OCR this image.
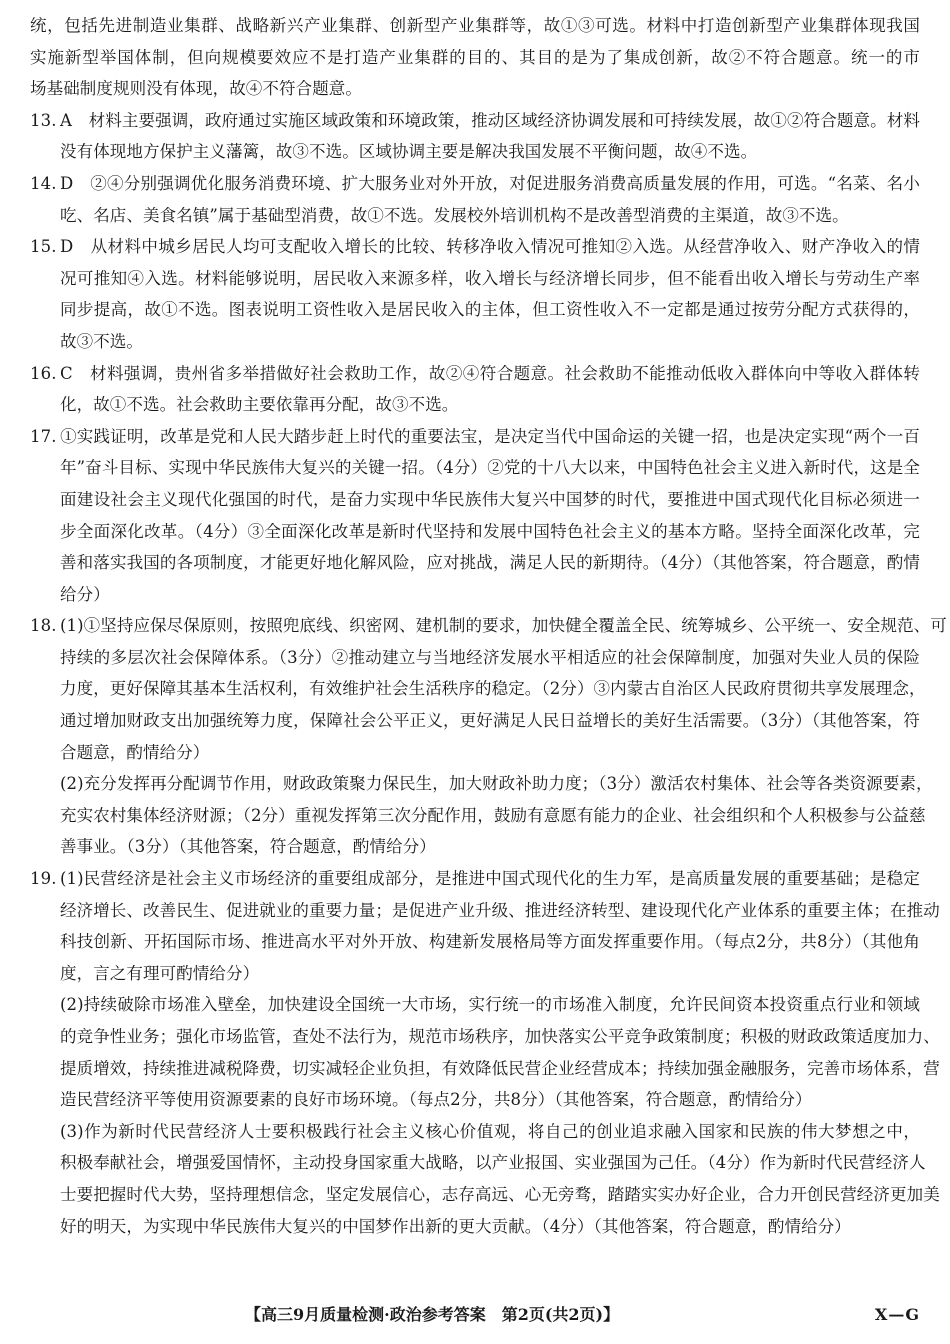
统，包括先进制造业集群、战略新兴产业集群、创新型产业集群等，故①③可选。材料中打造创新型产业集群体现我国
实施新型举国体制，但向规模要效应不是打造产业集群的目的、其目的是为了集成创新，故②不符合题意。统一的市
场基础制度规则没有体现，故④不符合题意。
13. A　材料主要强调，政府通过实施区域政策和环境政策，推动区域经济协调发展和可持续发展，故①②符合题意。材料
没有体现地方保护主义藩篱，故③不选。区域协调主要是解决我国发展不平衡问题，故④不选。
14. D　②④分别强调优化服务消费环境、扩大服务业对外开放，对促进服务消费高质量发展的作用，可选。“名菜、名小
吃、名店、美食名镇”属于基础型消费，故①不选。发展校外培训机构不是改善型消费的主渠道，故③不选。
15. D　从材料中城乡居民人均可支配收入增长的比较、转移净收入情况可推知②入选。从经营净收入、财产净收入的情
况可推知④入选。材料能够说明，居民收入来源多样，收入增长与经济增长同步，但不能看出收入增长与劳动生产率
同步提高，故①不选。图表说明工资性收入是居民收入的主体，但工资性收入不一定都是通过按劳分配方式获得的，
故③不选。
16. C　材料强调，贵州省多举措做好社会救助工作，故②④符合题意。社会救助不能推动低收入群体向中等收入群体转
化，故①不选。社会救助主要依靠再分配，故③不选。
17. ①实践证明，改革是党和人民大踏步赶上时代的重要法宝，是决定当代中国命运的关键一招，也是决定实现“两个一百
年”奋斗目标、实现中华民族伟大复兴的关键一招。（4分）②党的十八大以来，中国特色社会主义进入新时代，这是全
面建设社会主义现代化强国的时代，是奋力实现中华民族伟大复兴中国梦的时代，要推进中国式现代化目标必须进一
步全面深化改革。（4分）③全面深化改革是新时代坚持和发展中国特色社会主义的基本方略。坚持全面深化改革，完
善和落实我国的各项制度，才能更好地化解风险，应对挑战，满足人民的新期待。（4分）（其他答案，符合题意，酌情
给分）
18. (1)①坚持应保尽保原则，按照兜底线、织密网、建机制的要求，加快健全覆盖全民、统筹城乡、公平统一、安全规范、可
持续的多层次社会保障体系。（3分）②推动建立与当地经济发展水平相适应的社会保障制度，加强对失业人员的保险
力度，更好保障其基本生活权利，有效维护社会生活秩序的稳定。（2分）③内蒙古自治区人民政府贯彻共享发展理念，
通过增加财政支出加强统筹力度，保障社会公平正义，更好满足人民日益增长的美好生活需要。（3分）（其他答案，符
合题意，酌情给分）
(2)充分发挥再分配调节作用，财政政策聚力保民生，加大财政补助力度；（3分）激活农村集体、社会等各类资源要素，
充实农村集体经济财源；（2分）重视发挥第三次分配作用，鼓励有意愿有能力的企业、社会组织和个人积极参与公益慈
善事业。（3分）（其他答案，符合题意，酌情给分）
19. (1)民营经济是社会主义市场经济的重要组成部分，是推进中国式现代化的生力军，是高质量发展的重要基础；是稳定
经济增长、改善民生、促进就业的重要力量；是促进产业升级、推进经济转型、建设现代化产业体系的重要主体；在推动
科技创新、开拓国际市场、推进高水平对外开放、构建新发展格局等方面发挥重要作用。（每点2分，共8分）（其他角
度，言之有理可酌情给分）
(2)持续破除市场准入壁垒，加快建设全国统一大市场，实行统一的市场准入制度，允许民间资本投资重点行业和领域
的竞争性业务；强化市场监管，查处不法行为，规范市场秩序，加快落实公平竞争政策制度；积极的财政政策适度加力、
提质增效，持续推进减税降费，切实减轻企业负担，有效降低民营企业经营成本；持续加强金融服务，完善市场体系，营
造民营经济平等使用资源要素的良好市场环境。（每点2分，共8分）（其他答案，符合题意，酌情给分）
(3)作为新时代民营经济人士要积极践行社会主义核心价值观，将自己的创业追求融入国家和民族的伟大梦想之中，
积极奉献社会，增强爱国情怀，主动投身国家重大战略，以产业报国、实业强国为己任。（4分）作为新时代民营经济人
士要把握时代大势，坚持理想信念，坚定发展信心，志存高远、心无旁骛，踏踏实实办好企业，合力开创民营经济更加美
好的明天，为实现中华民族伟大复兴的中国梦作出新的更大贡献。（4分）（其他答案，符合题意，酌情给分）
【高三9月质量检测·政治参考答案　第2页(共2页)】	X—G
